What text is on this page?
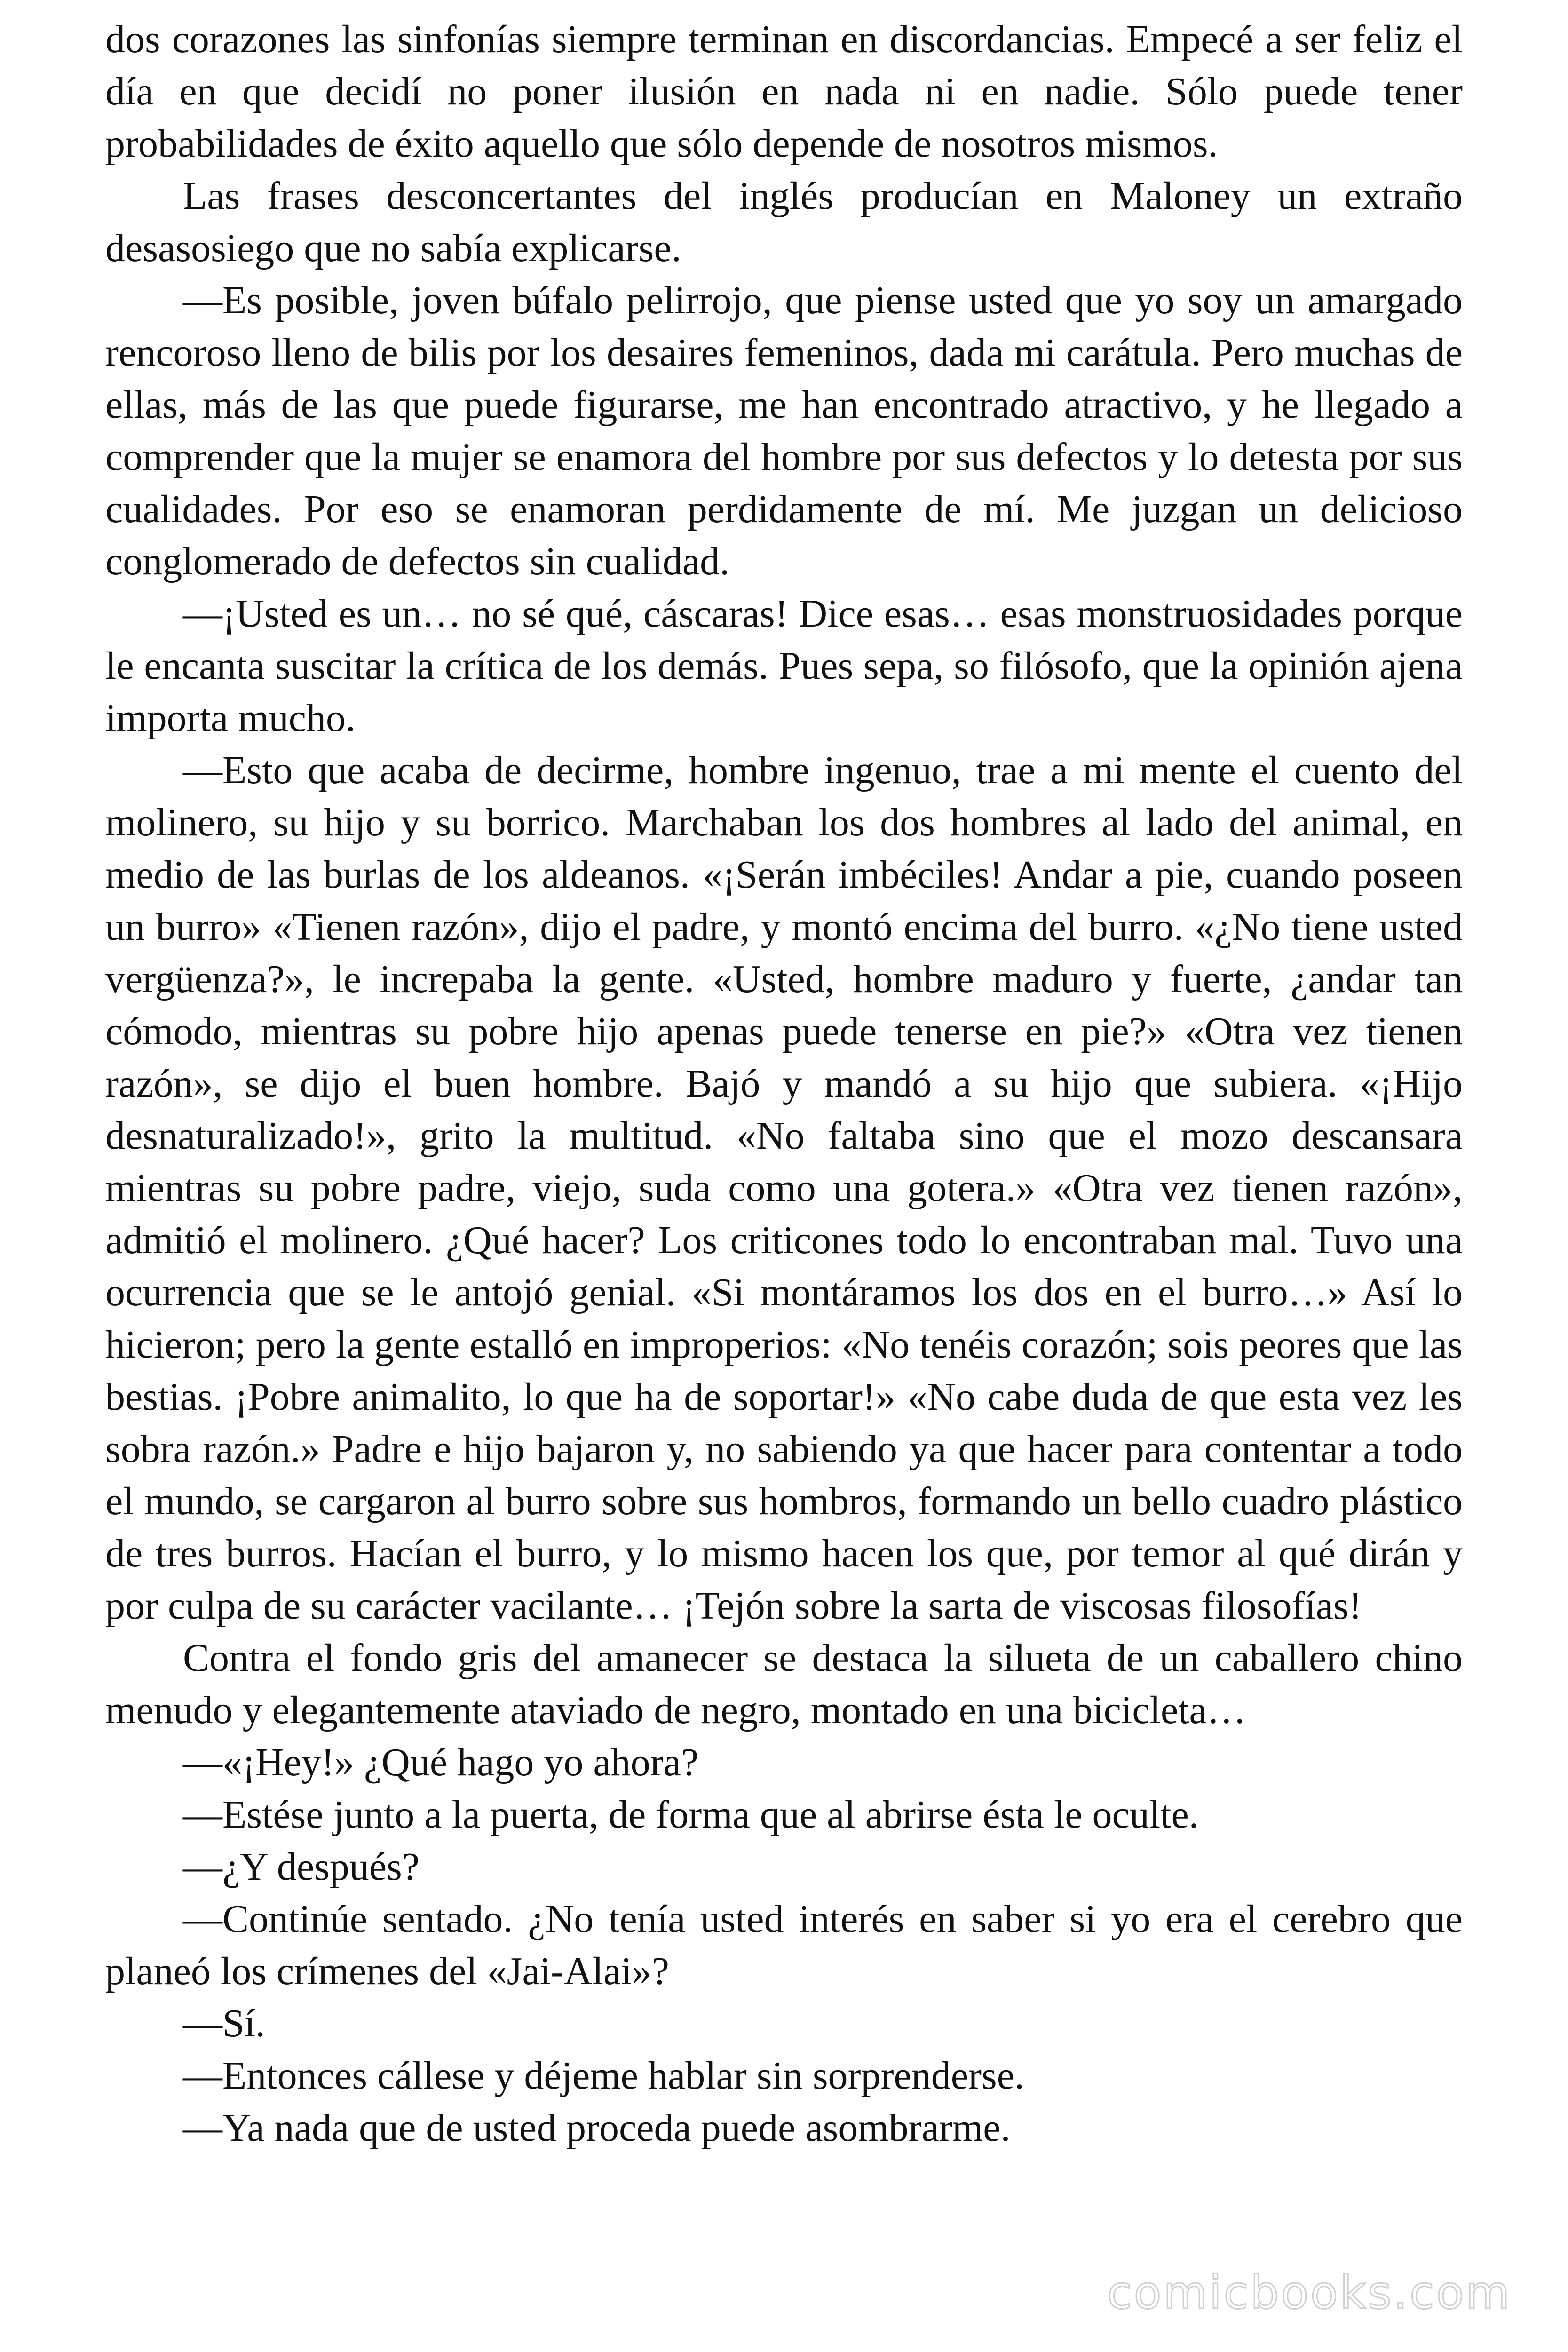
dos corazones las sinfonías siempre terminan en discordancias. Empecé a ser feliz el día en que decidí no poner ilusión en nada ni en nadie. Sólo puede tener probabilidades de éxito aquello que sólo depende de nosotros mismos.

Las frases desconcertantes del inglés producían en Maloney un extraño desasosiego que no sabía explicarse.

—Es posible, joven búfalo pelirrojo, que piense usted que yo soy un amargado rencoroso lleno de bilis por los desaires femeninos, dada mi carátula. Pero muchas de ellas, más de las que puede figurarse, me han encontrado atractivo, y he llegado a comprender que la mujer se enamora del hombre por sus defectos y lo detesta por sus cualidades. Por eso se enamoran perdidamente de mí. Me juzgan un delicioso conglomerado de defectos sin cualidad.

—¡Usted es un… no sé qué, cáscaras! Dice esas… esas monstruosidades porque le encanta suscitar la crítica de los demás. Pues sepa, so filósofo, que la opinión ajena importa mucho.

—Esto que acaba de decirme, hombre ingenuo, trae a mi mente el cuento del molinero, su hijo y su borrico. Marchaban los dos hombres al lado del animal, en medio de las burlas de los aldeanos. «¡Serán imbéciles! Andar a pie, cuando poseen un burro» «Tienen razón», dijo el padre, y montó encima del burro. «¿No tiene usted vergüenza?», le increpaba la gente. «Usted, hombre maduro y fuerte, ¿andar tan cómodo, mientras su pobre hijo apenas puede tenerse en pie?» «Otra vez tienen razón», se dijo el buen hombre. Bajó y mandó a su hijo que subiera. «¡Hijo desnaturalizado!», grito la multitud. «No faltaba sino que el mozo descansara mientras su pobre padre, viejo, suda como una gotera.» «Otra vez tienen razón», admitió el molinero. ¿Qué hacer? Los criticones todo lo encontraban mal. Tuvo una ocurrencia que se le antojó genial. «Si montáramos los dos en el burro…» Así lo hicieron; pero la gente estalló en improperios: «No tenéis corazón; sois peores que las bestias. ¡Pobre animalito, lo que ha de soportar!» «No cabe duda de que esta vez les sobra razón.» Padre e hijo bajaron y, no sabiendo ya que hacer para contentar a todo el mundo, se cargaron al burro sobre sus hombros, formando un bello cuadro plástico de tres burros. Hacían el burro, y lo mismo hacen los que, por temor al qué dirán y por culpa de su carácter vacilante… ¡Tejón sobre la sarta de viscosas filosofías!

Contra el fondo gris del amanecer se destaca la silueta de un caballero chino menudo y elegantemente ataviado de negro, montado en una bicicleta…

—«¡Hey!» ¿Qué hago yo ahora?

—Estése junto a la puerta, de forma que al abrirse ésta le oculte.

—¿Y después?

—Continúe sentado. ¿No tenía usted interés en saber si yo era el cerebro que planeó los crímenes del «Jai-Alai»?

—Sí.

—Entonces cállese y déjeme hablar sin sorprenderse.

—Ya nada que de usted proceda puede asombrarme.

comicbooks.com
